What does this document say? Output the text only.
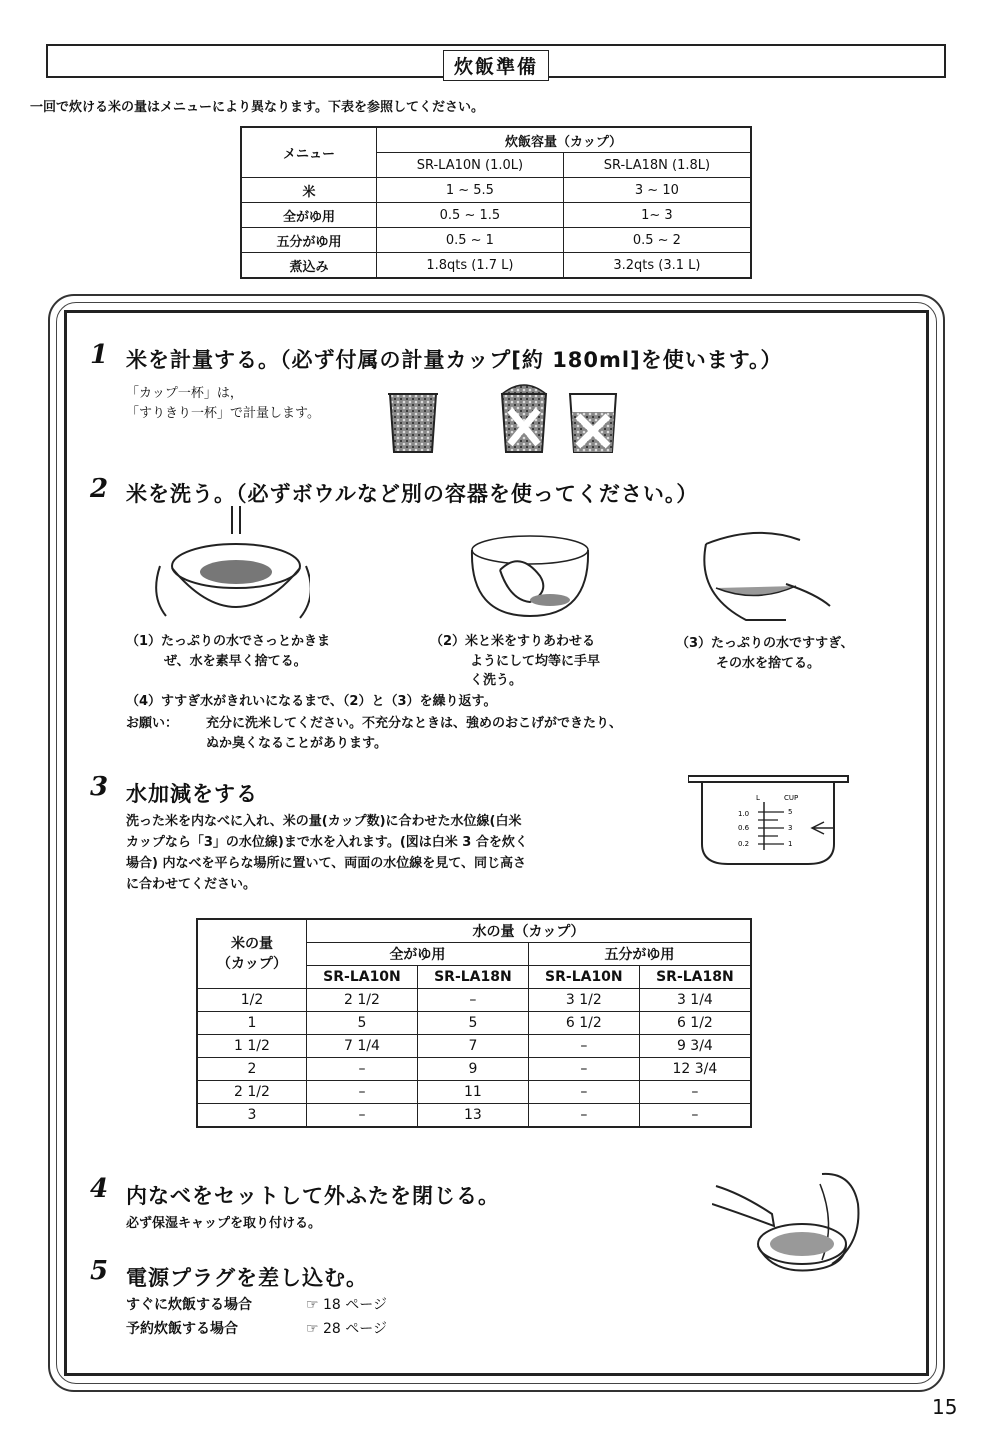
炊飯準備
一回で炊ける米の量はメニューにより異なります。下表を参照してください。
メニュー	炊飯容量（カップ）	
	SR-LA10N (1.0L)	SR-LA18N (1.8L)
米	1 ~ 5.5	3 ~ 10
全がゆ用	0.5 ~ 1.5	1~ 3
五分がゆ用	0.5 ~ 1	0.5 ~ 2
煮込み	1.8qts (1.7 L)	3.2qts (3.1 L)
1 米を計量する。（必ず付属の計量カップ[約 180ml]を使います。）
「カップ一杯」は，
「すりきり一杯」で計量します。
2 米を洗う。（必ずボウルなど別の容器を使ってください。）
（1）たっぷりの水でさっとかきま
ぜ、水を素早く捨てる。
（2）米と米をすりあわせる
ようにして均等に手早
く洗う。
（3）たっぷりの水ですすぎ、
その水を捨てる。
（4）すすぎ水がきれいになるまで、（2）と（3）を繰り返す。
お願い： 充分に洗米してください。不充分なときは、強めのおこげができたり、
ぬか臭くなることがあります。
3 水加減をする
洗った米を内なべに入れ、米の量(カップ数)に合わせた水位線(白米
カップなら「3」の水位線)まで水を入れます。(図は白米 3 合を炊く
場合) 内なべを平らな場所に置いて、両面の水位線を見て、同じ高さ
に合わせてください。
L	CUP
1.0
0.6
0.2
5
3
1
米の量
（カップ）	水の量（カップ）			
	全がゆ用		五分がゆ用	
	SR-LA10N	SR-LA18N	SR-LA10N	SR-LA18N
1/2	2 1/2	–	3 1/2	3 1/4
1	5	5	6 1/2	6 1/2
1 1/2	7 1/4	7	–	9 3/4
2	–	9	–	12 3/4
2 1/2	–	11	–	–
3	–	13	–	–
4 内なべをセットして外ふたを閉じる。
必ず保湿キャップを取り付ける。
5 電源プラグを差し込む。
すぐに炊飯する場合	☞ 18 ページ
予約炊飯する場合	☞ 28 ページ
15
